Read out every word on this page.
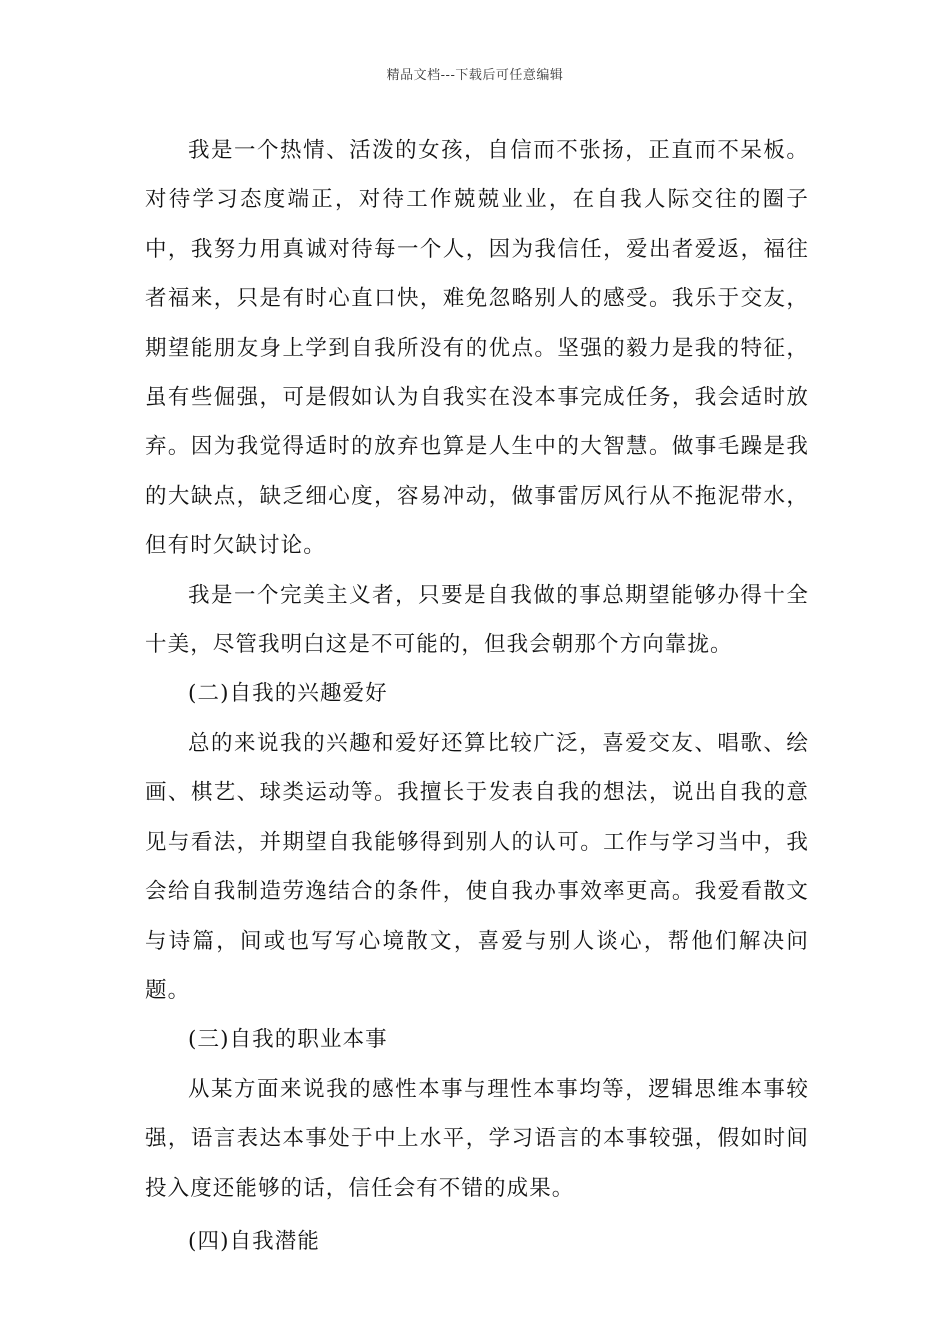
精品文档---下载后可任意编辑

我是一个热情、活泼的女孩，自信而不张扬，正直而不呆板。对待学习态度端正，对待工作兢兢业业，在自我人际交往的圈子中，我努力用真诚对待每一个人，因为我信任，爱出者爱返，福往者福来，只是有时心直口快，难免忽略别人的感受。我乐于交友，期望能朋友身上学到自我所没有的优点。坚强的毅力是我的特征，虽有些倔强，可是假如认为自我实在没本事完成任务，我会适时放弃。因为我觉得适时的放弃也算是人生中的大智慧。做事毛躁是我的大缺点，缺乏细心度，容易冲动，做事雷厉风行从不拖泥带水，但有时欠缺讨论。

我是一个完美主义者，只要是自我做的事总期望能够办得十全十美，尽管我明白这是不可能的，但我会朝那个方向靠拢。

(二)自我的兴趣爱好

总的来说我的兴趣和爱好还算比较广泛，喜爱交友、唱歌、绘画、棋艺、球类运动等。我擅长于发表自我的想法，说出自我的意见与看法，并期望自我能够得到别人的认可。工作与学习当中，我会给自我制造劳逸结合的条件，使自我办事效率更高。我爱看散文与诗篇，间或也写写心境散文，喜爱与别人谈心，帮他们解决问题。

(三)自我的职业本事

从某方面来说我的感性本事与理性本事均等，逻辑思维本事较强，语言表达本事处于中上水平，学习语言的本事较强，假如时间投入度还能够的话，信任会有不错的成果。

(四)自我潜能
